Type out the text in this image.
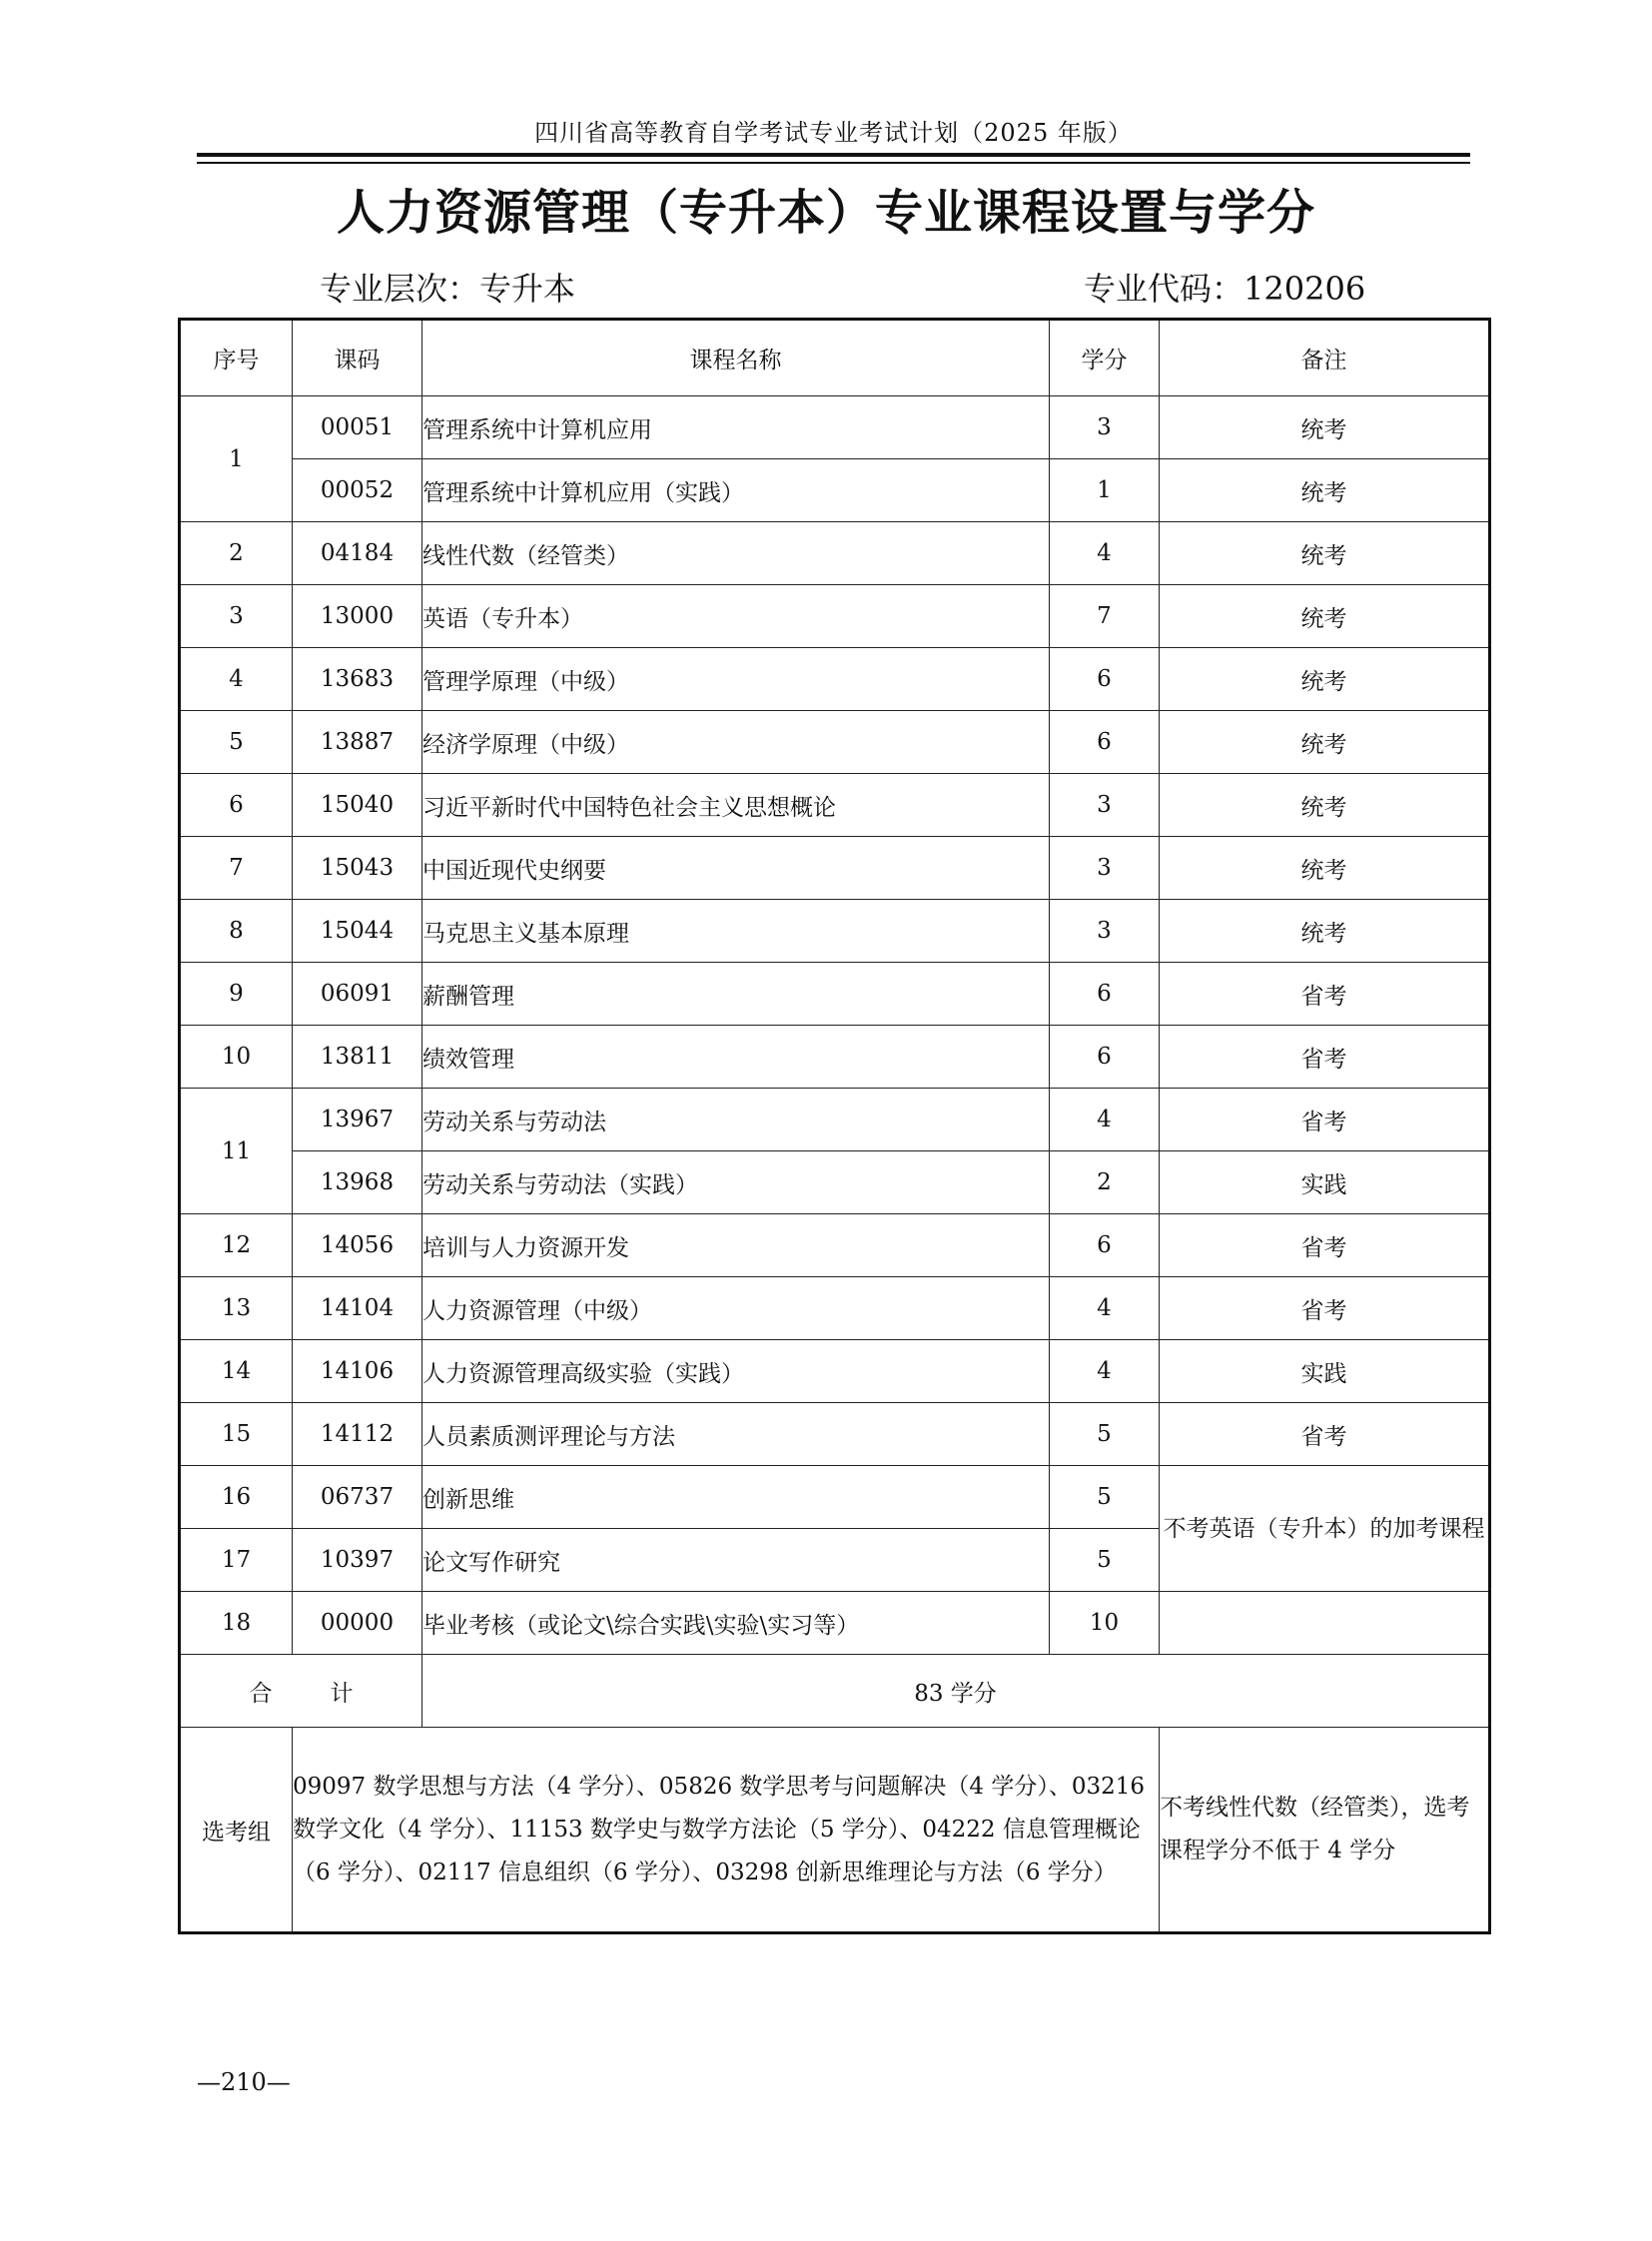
四川省高等教育自学考试专业考试计划（2025 年版）
人力资源管理（专升本）专业课程设置与学分
专业层次：专升本	专业代码：120206
序号	课码	课程名称	学分	备注
1	00051	管理系统中计算机应用	3	统考
	00052	管理系统中计算机应用（实践）	1	统考
2	04184	线性代数（经管类）	4	统考
3	13000	英语（专升本）	7	统考
4	13683	管理学原理（中级）	6	统考
5	13887	经济学原理（中级）	6	统考
6	15040	习近平新时代中国特色社会主义思想概论	3	统考
7	15043	中国近现代史纲要	3	统考
8	15044	马克思主义基本原理	3	统考
9	06091	薪酬管理	6	省考
10	13811	绩效管理	6	省考
11	13967	劳动关系与劳动法	4	省考
	13968	劳动关系与劳动法（实践）	2	实践
12	14056	培训与人力资源开发	6	省考
13	14104	人力资源管理（中级）	4	省考
14	14106	人力资源管理高级实验（实践）	4	实践
15	14112	人员素质测评理论与方法	5	省考
16	06737	创新思维	5	不考英语（专升本）的加考课程
17	10397	论文写作研究	5	
18	00000	毕业考核（或论文\综合实践\实验\实习等）	10	
合计		83 学分		
选考组	09097 数学思想与方法（4 学分）、05826 数学思考与问题解决（4 学分）、03216 数学文化（4 学分）、11153 数学史与数学方法论（5 学分）、04222 信息管理概论（6 学分）、02117 信息组织（6 学分）、03298 创新思维理论与方法（6 学分）			不考线性代数（经管类），选考课程学分不低于 4 学分
—210—
